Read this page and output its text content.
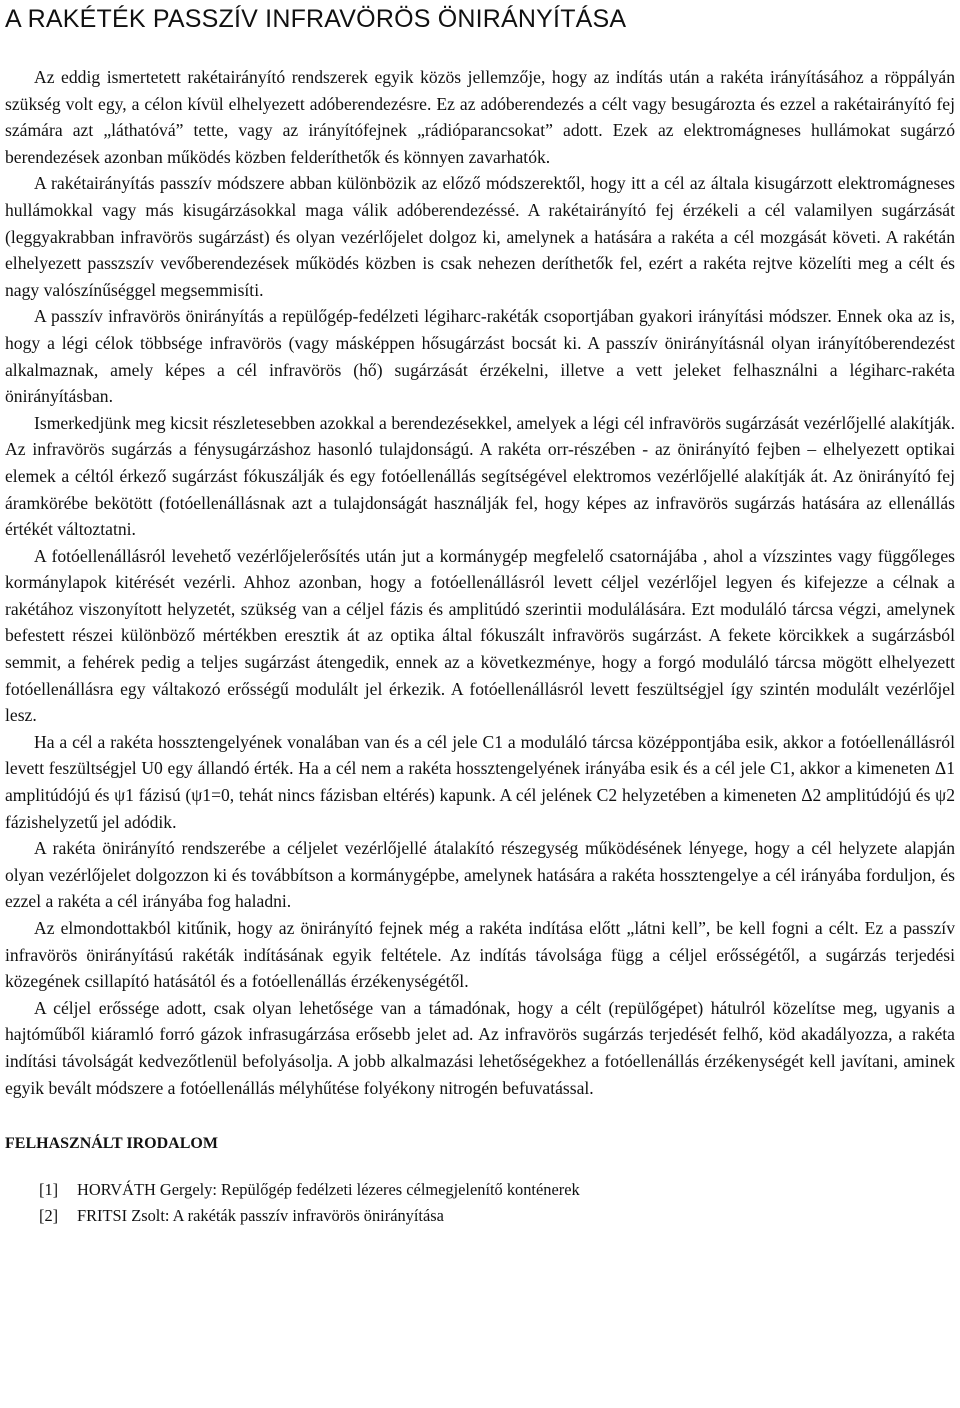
A RAKÉTÉK PASSZÍV INFRAVÖRÖS ÖNIRÁNYÍTÁSA

Az eddig ismertetett rakétairányító rendszerek egyik közös jellemzője, hogy az indítás után a rakéta irányításához a röppályán szükség volt egy, a célon kívül elhelyezett adóberendezésre. Ez az adóberendezés a célt vagy besugározta és ezzel a rakétairányító fej számára azt „láthatóvá” tette, vagy az irányítófejnek „rádióparancsokat” adott. Ezek az elektromágneses hullámokat sugárzó berendezések azonban működés közben felderíthetők és könnyen zavarhatók.

A rakétairányítás passzív módszere abban különbözik az előző módszerektől, hogy itt a cél az általa kisugárzott elektromágneses hullámokkal vagy más kisugárzásokkal maga válik adóberendezéssé. A rakétairányító fej érzékeli a cél valamilyen sugárzását (leggyakrabban infravörös sugárzást) és olyan vezérlőjelet dolgoz ki, amelynek a hatására a rakéta a cél mozgását követi. A rakétán elhelyezett passzszív vevőberendezések működés közben is csak nehezen deríthetők fel, ezért a rakéta rejtve közelíti meg a célt és nagy valószínűséggel megsemmisíti.

A passzív infravörös önirányítás a repülőgép-fedélzeti légiharc-rakéták csoportjában gyakori irányítási módszer. Ennek oka az is, hogy a légi célok többsége infravörös (vagy másképpen hősugárzást bocsát ki. A passzív önirányításnál olyan irányítóberendezést alkalmaznak, amely képes a cél infravörös (hő) sugárzását érzékelni, illetve a vett jeleket felhasználni a légiharc-rakéta önirányításban.

Ismerkedjünk meg kicsit részletesebben azokkal a berendezésekkel, amelyek a légi cél infravörös sugárzását vezérlőjellé alakítják. Az infravörös sugárzás a fénysugárzáshoz hasonló tulajdonságú. A rakéta orr-részében - az önirányító fejben – elhelyezett optikai elemek a céltól érkező sugárzást fókuszálják és egy fotóellenállás segítségével elektromos vezérlőjellé alakítják át. Az önirányító fej áramkörébe bekötött (fotóellenállásnak azt a tulajdonságát használják fel, hogy képes az infravörös sugárzás hatására az ellenállás értékét változtatni.

A fotóellenállásról levehető vezérlőjelerősítés után jut a kormánygép megfelelő csatornájába , ahol a vízszintes vagy függőleges kormánylapok kitérését vezérli. Ahhoz azonban, hogy a fotóellenállásról levett céljel vezérlőjel legyen és kifejezze a célnak a rakétához viszonyított helyzetét, szükség van a céljel fázis és amplitúdó szerintii modulálására. Ezt moduláló tárcsa végzi, amelynek befestett részei különböző mértékben eresztik át az optika által fókuszált infravörös sugárzást. A fekete körcikkek a sugárzásból semmit, a fehérek pedig a teljes sugárzást átengedik, ennek az a következménye, hogy a forgó moduláló tárcsa mögött elhelyezett fotóellenállásra egy váltakozó erősségű modulált jel érkezik. A fotóellenállásról levett feszültségjel így szintén modulált vezérlőjel lesz.

Ha a cél a rakéta hossztengelyének vonalában van és a cél jele C1 a moduláló tárcsa középpontjába esik, akkor a fotóellenállásról levett feszültségjel U0 egy állandó érték. Ha a cél nem a rakéta hossztengelyének irányába esik és a cél jele C1, akkor a kimeneten Δ1 amplitúdójú és ψ1 fázisú (ψ1=0, tehát nincs fázisban eltérés) kapunk. A cél jelének C2 helyzetében a kimeneten Δ2 amplitúdójú és ψ2 fázishelyzetű jel adódik.

A rakéta önirányító rendszerébe a céljelet vezérlőjellé átalakító részegység működésének lényege, hogy a cél helyzete alapján olyan vezérlőjelet dolgozzon ki és továbbítson a kormánygépbe, amelynek hatására a rakéta hossztengelye a cél irányába forduljon, és ezzel a rakéta a cél irányába fog haladni.

Az elmondottakból kitűnik, hogy az önirányító fejnek még a rakéta indítása előtt „látni kell”, be kell fogni a célt. Ez a passzív infravörös önirányítású rakéták indításának egyik feltétele. Az indítás távolsága függ a céljel erősségétől, a sugárzás terjedési közegének csillapító hatásától és a fotóellenállás érzékenységétől.

A céljel erőssége adott, csak olyan lehetősége van a támadónak, hogy a célt (repülőgépet) hátulról közelítse meg, ugyanis a hajtóműből kiáramló forró gázok infrasugárzása erősebb jelet ad. Az infravörös sugárzás terjedését felhő, köd akadályozza, a rakéta indítási távolságát kedvezőtlenül befolyásolja. A jobb alkalmazási lehetőségekhez a fotóellenállás érzékenységét kell javítani, aminek egyik bevált módszere a fotóellenállás mélyhűtése folyékony nitrogén befuvatással.

FELHASZNÁLT IRODALOM
[1] HORVÁTH Gergely: Repülőgép fedélzeti lézeres célmegjelenítő konténerek
[2] FRITSI Zsolt: A rakéták passzív infravörös önirányítása
